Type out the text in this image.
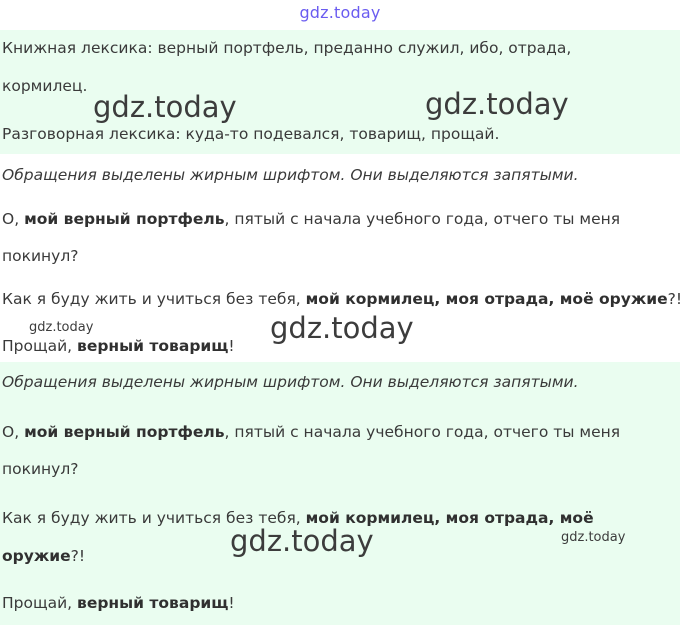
gdz.today
Книжная лексика: верный портфель, преданно служил, ибо, отрада,
кормилец.
Разговорная лексика: куда-то подевался, товарищ, прощай.
Обращения выделены жирным шрифтом. Они выделяются запятыми.
О, мой верный портфель, пятый с начала учебного года, отчего ты меня
покинул?
Как я буду жить и учиться без тебя, мой кормилец, моя отрада, моё оружие?!
Прощай, верный товарищ!
Обращения выделены жирным шрифтом. Они выделяются запятыми.
О, мой верный портфель, пятый с начала учебного года, отчего ты меня
покинул?
Как я буду жить и учиться без тебя, мой кормилец, моя отрада, моё
оружие?!
Прощай, верный товарищ!
gdz.today	gdz.today
gdz.today	gdz.today
gdz.today	gdz.today
